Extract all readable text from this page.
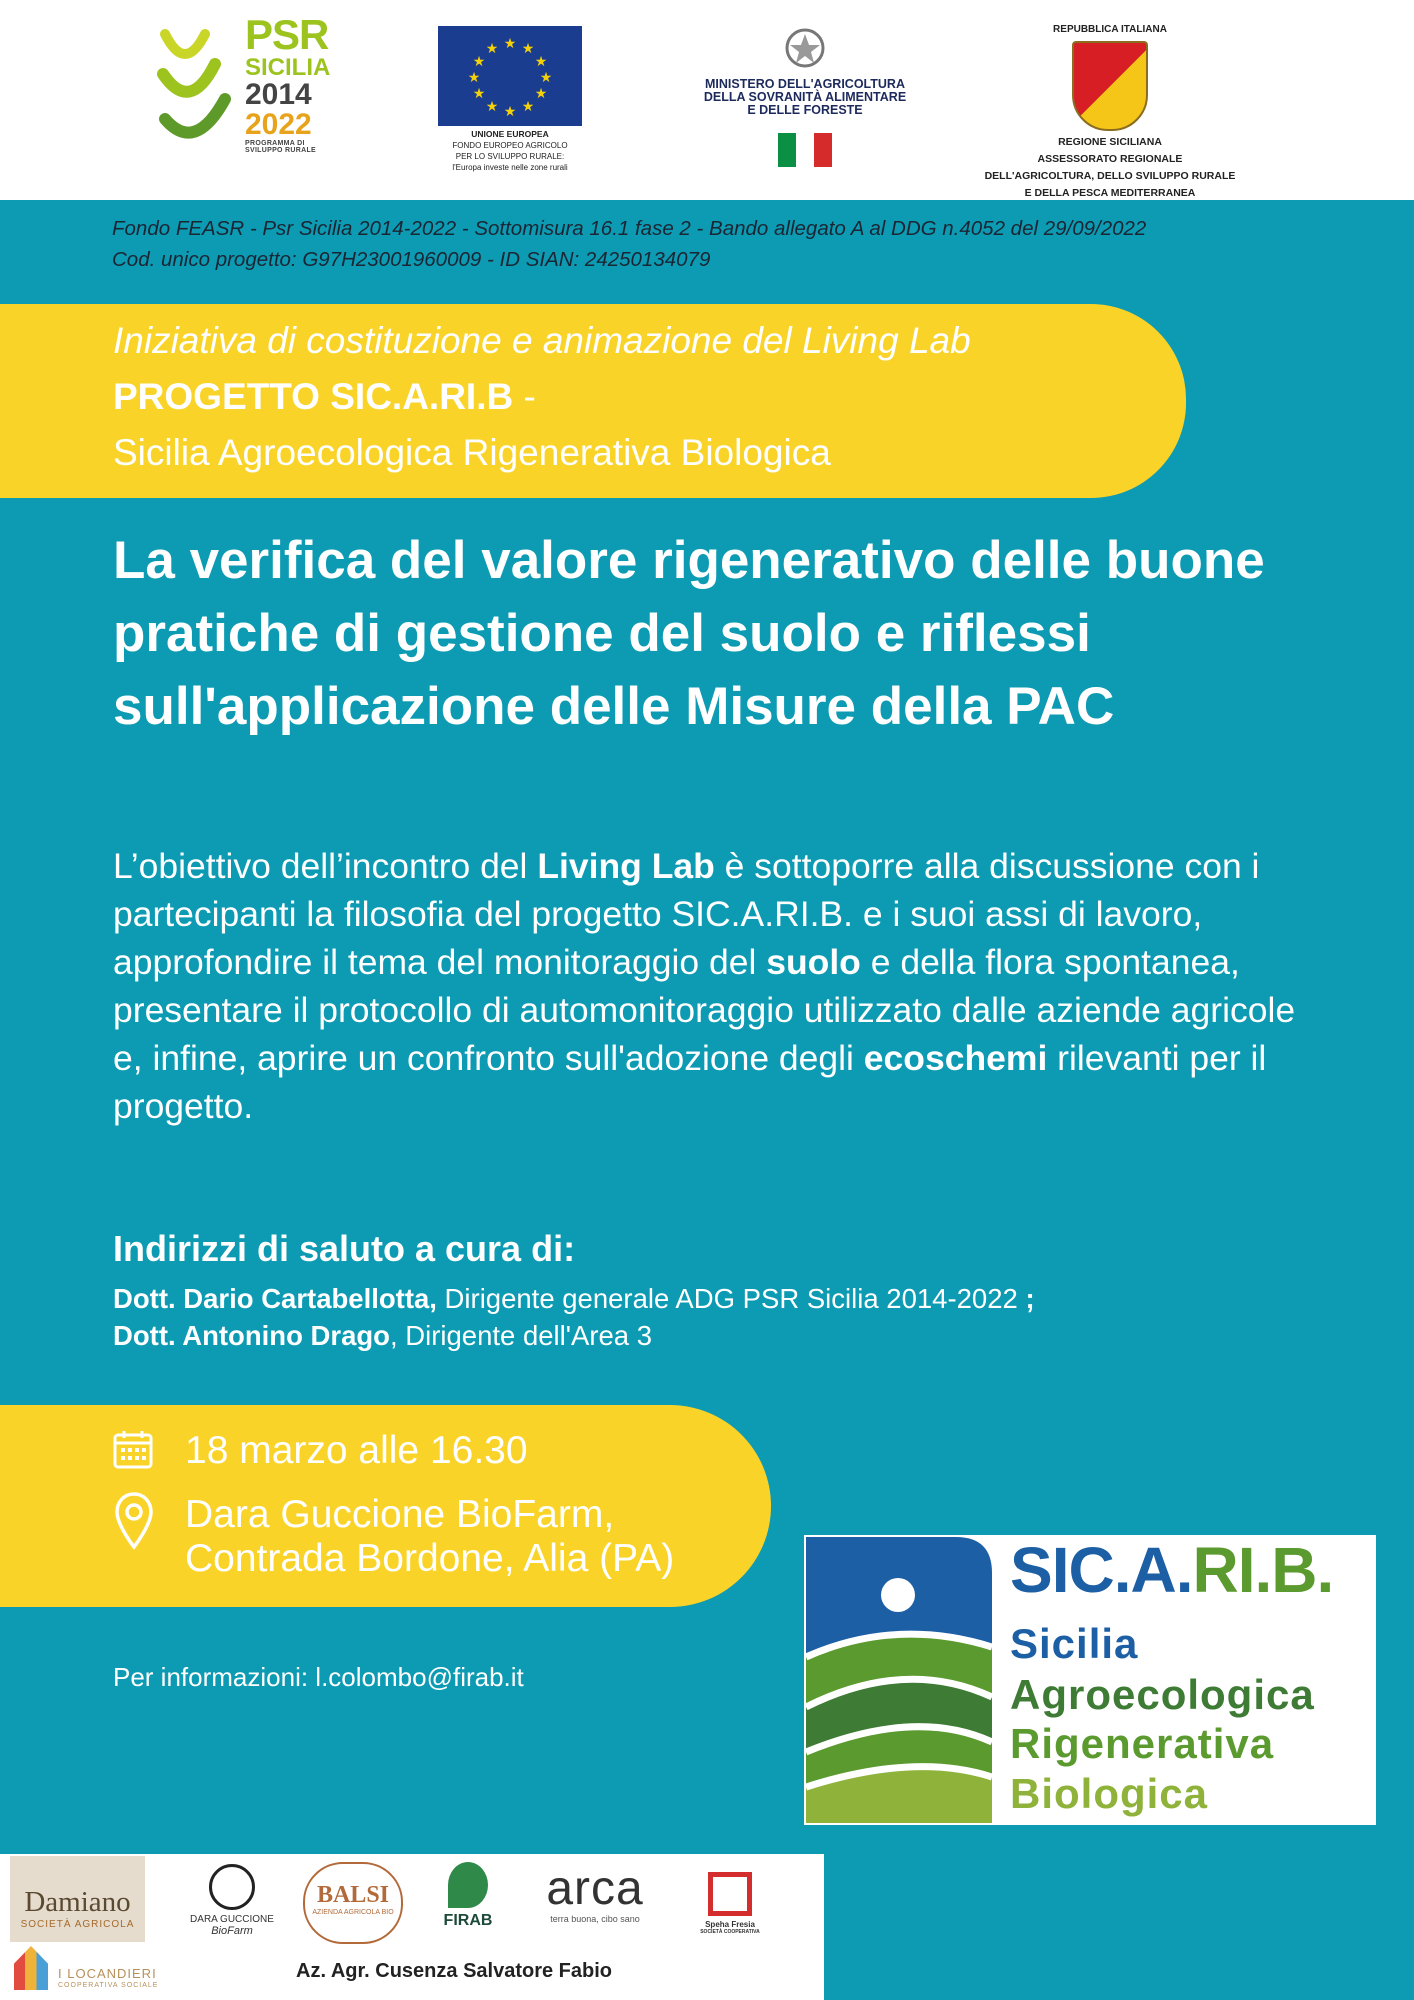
PSR
SICILIA
2014
2022
PROGRAMMA DI
SVILUPPO RURALE
★ ★
★
★
★
★
★
★
★
★
★
★
UNIONE EUROPEA
FONDO EUROPEO AGRICOLO
PER LO SVILUPPO RURALE:
l'Europa investe nelle zone rurali
MINISTERO DELL'AGRICOLTURA
DELLA SOVRANITÀ ALIMENTARE
E DELLE FORESTE
REPUBBLICA ITALIANA
REGIONE SICILIANA
ASSESSORATO REGIONALE
DELL'AGRICOLTURA, DELLO SVILUPPO RURALE
E DELLA PESCA MEDITERRANEA
Fondo FEASR - Psr Sicilia 2014-2022 - Sottomisura 16.1 fase 2 - Bando allegato A al DDG n.4052 del 29/09/2022
Cod. unico progetto: G97H23001960009 - ID SIAN: 24250134079
Iniziativa di costituzione e animazione del Living Lab
PROGETTO SIC.A.RI.B -
Sicilia Agroecologica Rigenerativa Biologica
La verifica del valore rigenerativo delle buone pratiche di gestione del suolo e riflessi sull'applicazione delle Misure della PAC
L’obiettivo dell’incontro del Living Lab è sottoporre alla discussione con i partecipanti la filosofia del progetto SIC.A.RI.B. e i suoi assi di lavoro, approfondire il tema del monitoraggio del suolo e della flora spontanea, presentare il protocollo di automonitoraggio utilizzato dalle aziende agricole e, infine, aprire un confronto sull'adozione degli ecoschemi rilevanti per il progetto.
Indirizzi di saluto a cura di:
Dott. Dario Cartabellotta, Dirigente generale ADG PSR Sicilia 2014-2022 ;
Dott. Antonino Drago, Dirigente dell'Area 3
18 marzo alle 16.30
Dara Guccione BioFarm,
Contrada Bordone, Alia (PA)
Per informazioni: l.colombo@firab.it
SIC.A.RI.B.
Sicilia
Agroecologica
Rigenerativa
Biologica
Damiano
SOCIETÀ AGRICOLA	DARA GUCCIONE
BioFarm
BALSI
AZIENDA AGRICOLA BIO	FIRAB
arca
terra buona, cibo sano
Speha Fresia
SOCIETÀ COOPERATIVA
I LOCANDIERI
COOPERATIVA SOCIALE
Az. Agr. Cusenza Salvatore Fabio
